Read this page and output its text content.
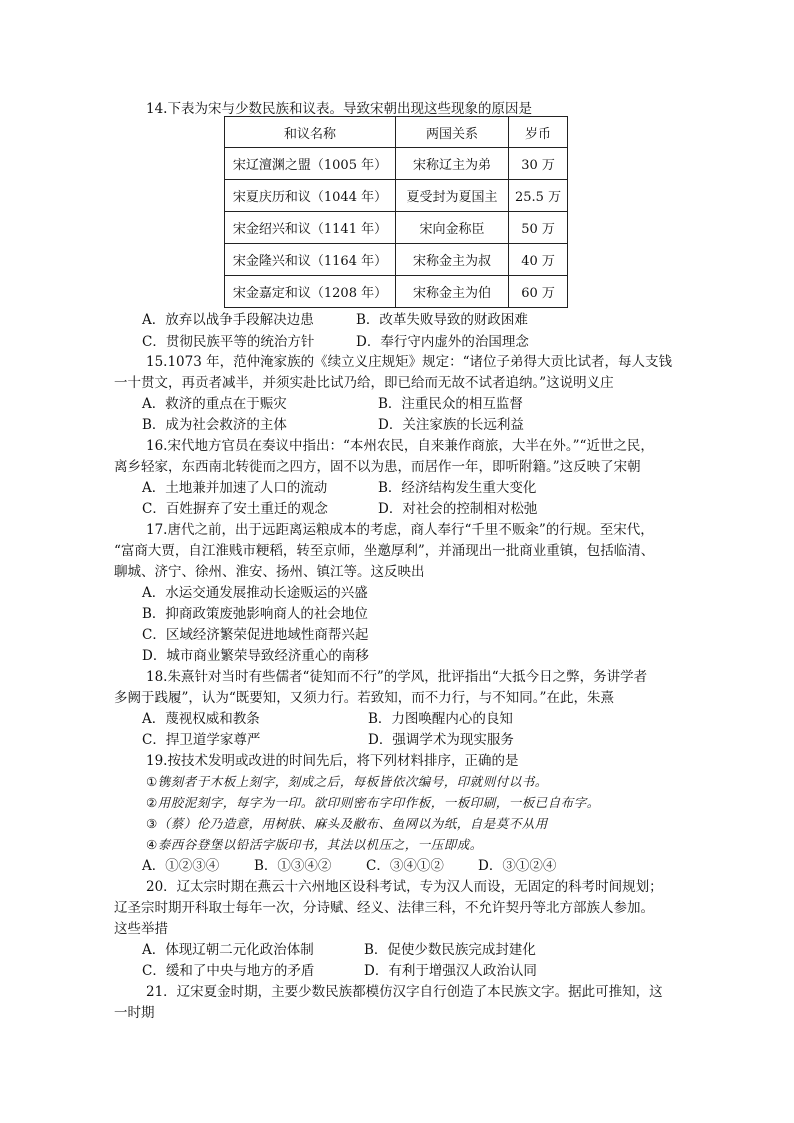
14.下表为宋与少数民族和议表。导致宋朝出现这些现象的原因是
和议名称	两国关系	岁币
宋辽澶渊之盟（1005 年）	宋称辽主为弟	30 万
宋夏庆历和议（1044 年）	夏受封为夏国主	25.5 万
宋金绍兴和议（1141 年）	宋向金称臣	50 万
宋金隆兴和议（1164 年）	宋称金主为叔	40 万
宋金嘉定和议（1208 年）	宋称金主为伯	60 万
A．放弃以战争手段解决边患	B．改革失败导致的财政困难
C．贯彻民族平等的统治方针	D．奉行守内虚外的治国理念
15.1073 年，范仲淹家族的《续立义庄规矩》规定：“诸位子弟得大贡比试者，每人支钱
一十贯文，再贡者减半，并须实赴比试乃给，即已给而无故不试者追纳。”这说明义庄
A．救济的重点在于赈灾	B．注重民众的相互监督
B．成为社会救济的主体	D．关注家族的长远利益
16.宋代地方官员在奏议中指出：“本州农民，自来兼作商旅，大半在外。”“近世之民，
离乡轻家，东西南北转徙而之四方，固不以为患，而居作一年，即听附籍。”这反映了宋朝
A．土地兼并加速了人口的流动	B．经济结构发生重大变化
C．百姓摒弃了安土重迁的观念	D．对社会的控制相对松弛
17.唐代之前，出于远距离运粮成本的考虑，商人奉行“千里不贩籴”的行规。至宋代，
“富商大贾，自江淮贱市粳稻，转至京师，坐邀厚利”，并涌现出一批商业重镇，包括临清、
聊城、济宁、徐州、淮安、扬州、镇江等。这反映出
A．水运交通发展推动长途贩运的兴盛
B．抑商政策废弛影响商人的社会地位
C．区域经济繁荣促进地域性商帮兴起
D．城市商业繁荣导致经济重心的南移
18.朱熹针对当时有些儒者“徒知而不行”的学风，批评指出“大抵今日之弊，务讲学者
多阙于践履”，认为“既要知，又须力行。若致知，而不力行，与不知同。”在此，朱熹
A．蔑视权威和教条	B．力图唤醒内心的良知
C．捍卫道学家尊严	D．强调学术为现实服务
19.按技术发明或改进的时间先后，将下列材料排序，正确的是
①镌刻者于木板上刻字，刻成之后，每板皆依次编号，印就则付以书。
②用胶泥刻字，每字为一印。欲印则密布字印作板，一板印刷，一板已自布字。
③（蔡）伦乃造意，用树肤、麻头及敝布、鱼网以为纸，自是莫不从用
④泰西谷登堡以铅活字版印书，其法以机压之，一压即成。
A．①②③④	B．①③④②	C．③④①②	D．③①②④
20．辽太宗时期在燕云十六州地区设科考试，专为汉人而设，无固定的科考时间规划；
辽圣宗时期开科取士每年一次，分诗赋、经义、法律三科，不允许契丹等北方部族人参加。
这些举措
A．体现辽朝二元化政治体制	B．促使少数民族完成封建化
C．缓和了中央与地方的矛盾	D．有利于增强汉人政治认同
21．辽宋夏金时期，主要少数民族都模仿汉字自行创造了本民族文字。据此可推知，这
一时期
